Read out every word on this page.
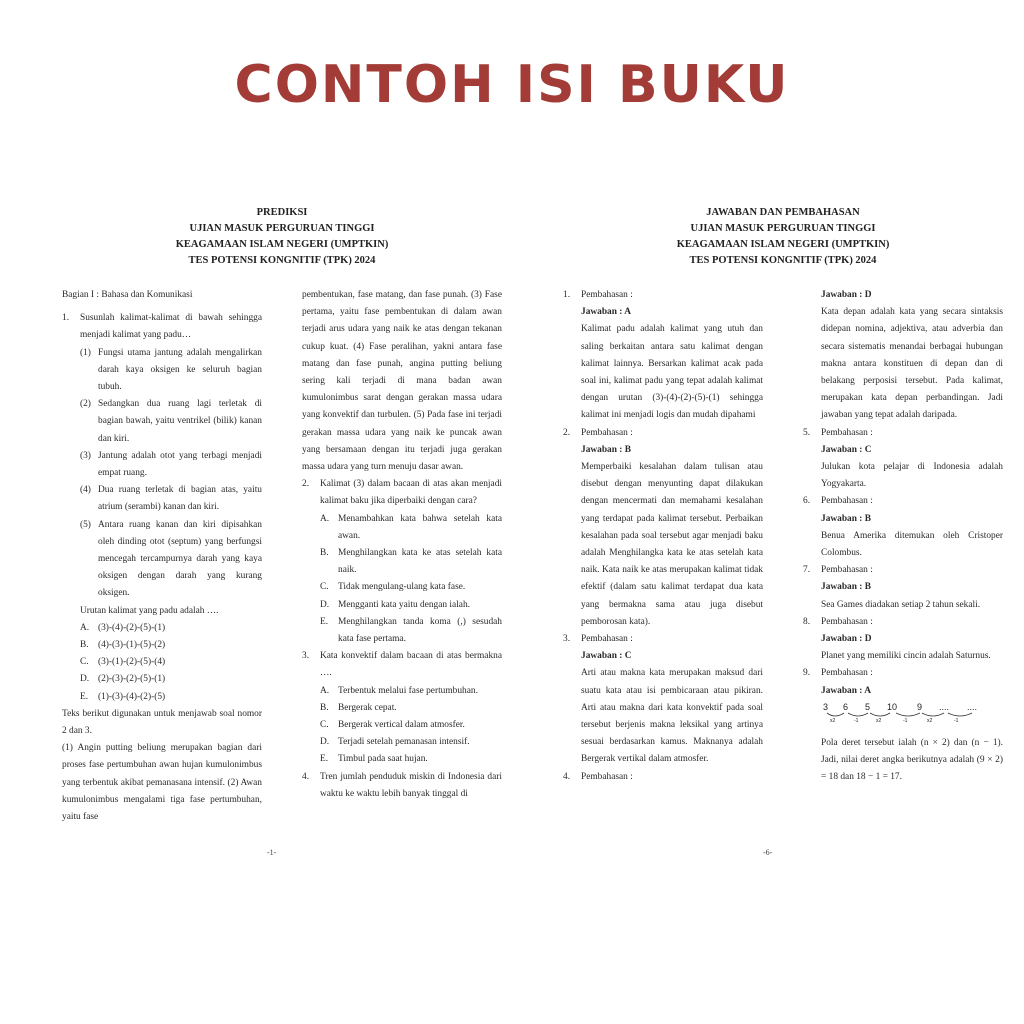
CONTOH ISI BUKU
PREDIKSI
UJIAN MASUK PERGURUAN TINGGI
KEAGAMAAN ISLAM NEGERI (UMPTKIN)
TES POTENSI KONGNITIF (TPK) 2024

Bagian I : Bahasa dan Komunikasi

1.	Susunlah kalimat-kalimat di bawah sehingga menjadi kalimat yang padu…
(1) Fungsi utama jantung adalah mengalirkan darah kaya oksigen ke seluruh bagian tubuh.
(2) Sedangkan dua ruang lagi terletak di bagian bawah, yaitu ventrikel (bilik) kanan dan kiri.
(3) Jantung adalah otot yang terbagi menjadi empat ruang.
(4) Dua ruang terletak di bagian atas, yaitu atrium (serambi) kanan dan kiri.
(5) Antara ruang kanan dan kiri dipisahkan oleh dinding otot (septum) yang berfungsi mencegah tercampurnya darah yang kaya oksigen dengan darah yang kurang oksigen.

Urutan kalimat yang padu adalah ….

A. (3)-(4)-(2)-(5)-(1)
B. (4)-(3)-(1)-(5)-(2)
C. (3)-(1)-(2)-(5)-(4)
D. (2)-(3)-(2)-(5)-(1)
E.	(1)-(3)-(4)-(2)-(5)

Teks berikut digunakan untuk menjawab soal nomor 2 dan 3.

(1) Angin putting beliung merupakan bagian dari proses fase pertumbuhan awan hujan kumulonimbus yang terbentuk akibat pemanasana intensif. (2) Awan kumulonimbus mengalami tiga fase pertumbuhan, yaitu fase

pembentukan, fase matang, dan fase punah. (3) Fase pertama, yaitu fase pembentukan di dalam awan terjadi arus udara yang naik ke atas dengan tekanan cukup kuat. (4) Fase peralihan, yakni antara fase matang dan fase punah, angina putting beliung sering kali terjadi di mana badan awan kumulonimbus sarat dengan gerakan massa udara yang konvektif dan turbulen. (5) Pada fase ini terjadi gerakan massa udara yang naik ke puncak awan yang bersamaan dengan itu terjadi juga gerakan massa udara yang turn menuju dasar awan.

2.	Kalimat (3) dalam bacaan di atas akan menjadi kalimat baku jika diperbaiki dengan cara?
A. Menambahkan kata bahwa setelah kata awan.
B. Menghilangkan kata ke atas setelah kata naik.
C. Tidak mengulang-ulang kata fase.
D. Mengganti kata yaitu dengan ialah.
E.	Menghilangkan tanda koma (,) sesudah kata fase pertama.
3.	Kata konvektif dalam bacaan di atas bermakna ….
A. Terbentuk melalui fase pertumbuhan.
B. Bergerak cepat.
C. Bergerak vertical dalam atmosfer.
D. Terjadi setelah pemanasan intensif.
E.	Timbul pada saat hujan.
4.	Tren jumlah penduduk miskin di Indonesia dari waktu ke waktu lebih banyak tinggal di
-1-
JAWABAN DAN PEMBAHASAN
UJIAN MASUK PERGURUAN TINGGI
KEAGAMAAN ISLAM NEGERI (UMPTKIN)
TES POTENSI KONGNITIF (TPK) 2024
1.	Pembahasan :

Jawaban : A

Kalimat padu adalah kalimat yang utuh dan saling berkaitan antara satu kalimat dengan kalimat lainnya. Bersarkan kalimat acak pada soal ini, kalimat padu yang tepat adalah kalimat dengan urutan (3)-(4)-(2)-(5)-(1) sehingga kalimat ini menjadi logis dan mudah dipahami

2.	Pembahasan :

Jawaban : B

Memperbaiki kesalahan dalam tulisan atau disebut dengan menyunting dapat dilakukan dengan mencermati dan memahami kesalahan yang terdapat pada kalimat tersebut. Perbaikan kesalahan pada soal tersebut agar menjadi baku adalah Menghilangka kata ke atas setelah kata naik. Kata naik ke atas merupakan kalimat tidak efektif (dalam satu kalimat terdapat dua kata yang bermakna sama atau juga disebut pemborosan kata).

3.	Pembahasan :

Jawaban : C

Arti atau makna kata merupakan maksud dari suatu kata atau isi pembicaraan atau pikiran. Arti atau makna dari kata konvektif pada soal tersebut berjenis makna leksikal yang artinya sesuai berdasarkan kamus. Maknanya adalah Bergerak vertikal dalam atmosfer.

4.	Pembahasan :

Jawaban : D

Kata depan adalah kata yang secara sintaksis didepan nomina, adjektiva, atau adverbia dan secara sistematis menandai berbagai hubungan makna antara konstituen di depan dan di belakang perposisi tersebut. Pada kalimat, merupakan kata depan perbandingan. Jadi jawaban yang tepat adalah daripada.

5.	Pembahasan :

Jawaban : C

Julukan kota pelajar di Indonesia adalah Yogyakarta.

6.	Pembahasan :

Jawaban : B

Benua Amerika ditemukan oleh Cristoper Colombus.

7.	Pembahasan :

Jawaban : B

Sea Games diadakan setiap 2 tahun sekali.

8.	Pembahasan :

Jawaban : D

Planet yang memiliki cincin adalah Saturnus.

9.	Pembahasan :

Jawaban : A

3 6 5 10 9 .... ....
x2	-1	x2	-1	x2	-1

Pola deret tersebut ialah (n × 2) dan (n − 1). Jadi, nilai deret angka berikutnya adalah (9 × 2) = 18 dan 18 − 1 = 17.

-6-
